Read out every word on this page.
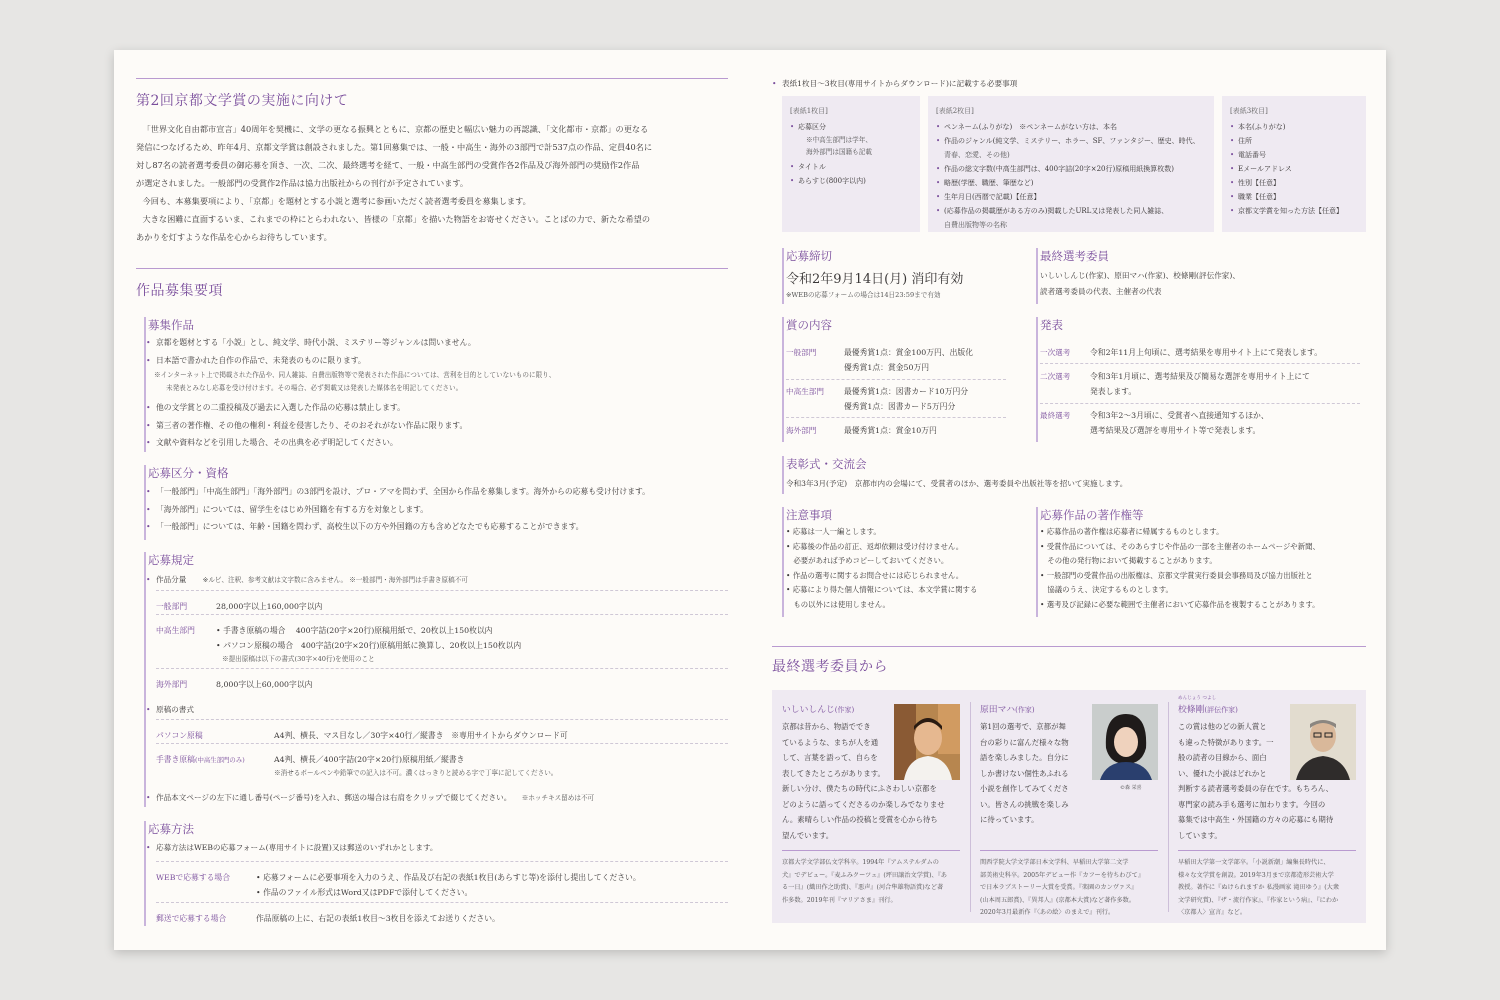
第2回京都文学賞の実施に向けて

「世界文化自由都市宣言」40周年を契機に、文学の更なる振興とともに、京都の歴史と幅広い魅力の再認識、「文化都市・京都」の更なる

発信につなげるため、昨年4月、京都文学賞は創設されました。第1回募集では、一般・中高生・海外の3部門で計537点の作品、定員40名に

対し87名の読者選考委員の御応募を頂き、一次、二次、最終選考を経て、一般・中高生部門の受賞作各2作品及び海外部門の奨励作2作品

が選定されました。一般部門の受賞作2作品は協力出版社からの刊行が予定されています。

今回も、本募集要項により、「京都」を題材とする小説と選考に参画いただく読者選考委員を募集します。

大きな困難に直面するいま、これまでの枠にとらわれない、皆様の「京都」を描いた物語をお寄せください。ことばの力で、新たな希望の

あかりを灯すような作品を心からお待ちしています。

作品募集要項
募集作品
• 京都を題材とする「小説」とし、純文学、時代小説、ミステリー等ジャンルは問いません。
• 日本語で書かれた自作の作品で、未発表のものに限ります。
※インターネット上で掲載された作品や、同人雑誌、自費出版物等で発表された作品については、営利を目的としていないものに限り、
未発表とみなし応募を受け付けます。その場合、必ず掲載又は発表した媒体名を明記してください。
• 他の文学賞との二重投稿及び過去に入選した作品の応募は禁止します。
• 第三者の著作権、その他の権利・利益を侵害したり、そのおそれがない作品に限ります。
• 文献や資料などを引用した場合、その出典を必ず明記してください。
応募区分・資格
• 「一般部門」「中高生部門」「海外部門」の3部門を設け、プロ・アマを問わず、全国から作品を募集します。海外からの応募も受け付けます。
• 「海外部門」については、留学生をはじめ外国籍を有する方を対象とします。
• 「一般部門」については、年齢・国籍を問わず、高校生以下の方や外国籍の方も含めどなたでも応募することができます。
応募規定
• 作品分量 ※ルビ、注釈、参考文献は文字数に含みません。 ※一般部門・海外部門は手書き原稿不可
一般部門	28,000字以上160,000字以内
中高生部門	• 手書き原稿の場合　 400字詰(20字×20行)原稿用紙で、20枚以上150枚以内
• パソコン原稿の場合　400字詰(20字×20行)原稿用紙に換算し、20枚以上150枚以内
※提出原稿は以下の書式(30字×40行)を使用のこと
海外部門	8,000字以上60,000字以内
• 原稿の書式
パソコン原稿	A4判、横長、マス目なし／30字×40行／縦書き　※専用サイトからダウンロード可
手書き原稿(中高生部門のみ)	A4判、横長／400字詰(20字×20行)原稿用紙／縦書き
※消せるボールペンや鉛筆での記入は不可。濃くはっきりと読める字で丁寧に記してください。
• 作品本文ページの左下に通し番号(ページ番号)を入れ、郵送の場合は右肩をクリップで綴じてください。 ※ホッチキス留めは不可
応募方法
• 応募方法はWEBの応募フォーム(専用サイトに設置)又は郵送のいずれかとします。
WEBで応募する場合	• 応募フォームに必要事項を入力のうえ、作品及び右記の表紙1枚目(あらすじ等)を添付し提出してください。
• 作品のファイル形式はWord又はPDFで添付してください。
郵送で応募する場合	作品原稿の上に、右記の表紙1枚目～3枚目を添えてお送りください。
• 表紙1枚目～3枚目(専用サイトからダウンロード)に記載する必要事項
[表紙1枚目]
• 応募区分
※中高生部門は学年、
海外部門は国籍も記載
• タイトル
• あらすじ(800字以内)
[表紙2枚目]
• ペンネーム(ふりがな)　※ペンネームがない方は、本名
• 作品のジャンル(純文学、ミステリー、ホラー、SF、ファンタジー、歴史、時代、
青春、恋愛、その他)
• 作品の総文字数(中高生部門は、400字詰(20字×20行)原稿用紙換算枚数)
• 略歴(学歴、職歴、筆歴など)
• 生年月日(西暦で記載)【任意】
• (応募作品の掲載歴がある方のみ)掲載したURL又は発表した同人雑誌、
自費出版物等の名称
[表紙3枚目]
• 本名(ふりがな)
• 住所
• 電話番号
• Eメールアドレス
• 性別【任意】
• 職業【任意】
• 京都文学賞を知った方法【任意】
応募締切
令和2年9月14日(月) 消印有効
※WEBの応募フォームの場合は14日23:59まで有効
最終選考委員
いしいしんじ(作家)、原田マハ(作家)、校條剛(評伝作家)、
読者選考委員の代表、主催者の代表
賞の内容
一般部門	最優秀賞1点：賞金100万円、出版化
優秀賞1点：賞金50万円
中高生部門	最優秀賞1点：図書カード10万円分
優秀賞1点：図書カード5万円分
海外部門	最優秀賞1点：賞金10万円
発表
一次選考	令和2年11月上旬頃に、選考結果を専用サイト上にて発表します。
二次選考	令和3年1月頃に、選考結果及び簡易な選評を専用サイト上にて
発表します。
最終選考	令和3年2～3月頃に、受賞者へ直接通知するほか、
選考結果及び選評を専用サイト等で発表します。
表彰式・交流会
令和3年3月(予定)　京都市内の会場にて、受賞者のほか、選考委員や出版社等を招いて実施します。
注意事項
• 応募は一人一編とします。
• 応募後の作品の訂正、返却依頼は受け付けません。
　必要があれば予めコピーしておいてください。
• 作品の選考に関するお問合せには応じられません。
• 応募により得た個人情報については、本文学賞に関する
　もの以外には使用しません。
応募作品の著作権等
• 応募作品の著作権は応募者に帰属するものとします。
• 受賞作品については、そのあらすじや作品の一部を主催者のホームページや新聞、
　その他の発行物において掲載することがあります。
• 一般部門の受賞作品の出版権は、京都文学賞実行委員会事務局及び協力出版社と
　協議のうえ、決定するものとします。
• 選考及び記録に必要な範囲で主催者において応募作品を複製することがあります。
最終選考委員から
いしいしんじ(作家)
京都は昔から、物語ででき
ているような、まちが人を通
して、言葉を語って、自らを
表してきたところがあります。
新しい分け、僕たちの時代にふさわしい京都を
どのように語ってくださるのか楽しみでなりませ
ん。素晴らしい作品の投稿と受賞を心から待ち
望んでいます。
京都大学文学部仏文学科卒。1994年『アムステルダムの
犬』でデビュー。『麦ふみクーツェ』(坪田譲治文学賞)、『あ
る一日』(織田作之助賞)、『悪声』(河合隼雄物語賞)など著
作多数。2019年刊『マリアさま』刊行。
原田マハ(作家)
第1回の選考で、京都が舞
台の彩りに富んだ様々な物
語を楽しみました。自分に
しか書けない個性あふれる
小説を創作してみてくださ
い。皆さんの挑戦を楽しみ
に待っています。
©森 栄喜
関西学院大学文学部日本文学科、早稲田大学第二文学
部美術史科卒。2005年デビュー作『カフーを待ちわびて』
で日本ラブストーリー大賞を受賞。『楽園のカンヴァス』
(山本周五郎賞)、『異邦人』(京都本大賞)など著作多数。
2020年3月最新作『〈あの絵〉のまえで』刊行。
めんじょう つよし
校條剛(評伝作家)
この賞は他のどの新人賞と
も違った特徴があります。一
般の読者の目線から、面白
い、優れた小説はどれかと
判断する読者選考委員の存在です。もちろん、
専門家の読み手も選考に加わります。今回の
募集では中高生・外国籍の方々の応募にも期待
しています。
早稲田大学第一文学部卒。「小説新潮」編集長時代に、
様々な文学賞を創設。2019年3月まで京都造形芸術大学
教授。著作に『ぬけられますか 私漫画家 滝田ゆう』(大衆
文学研究賞)、『ザ・流行作家』、『作家という病』、『にわか
〈京都人〉宣言』など。
